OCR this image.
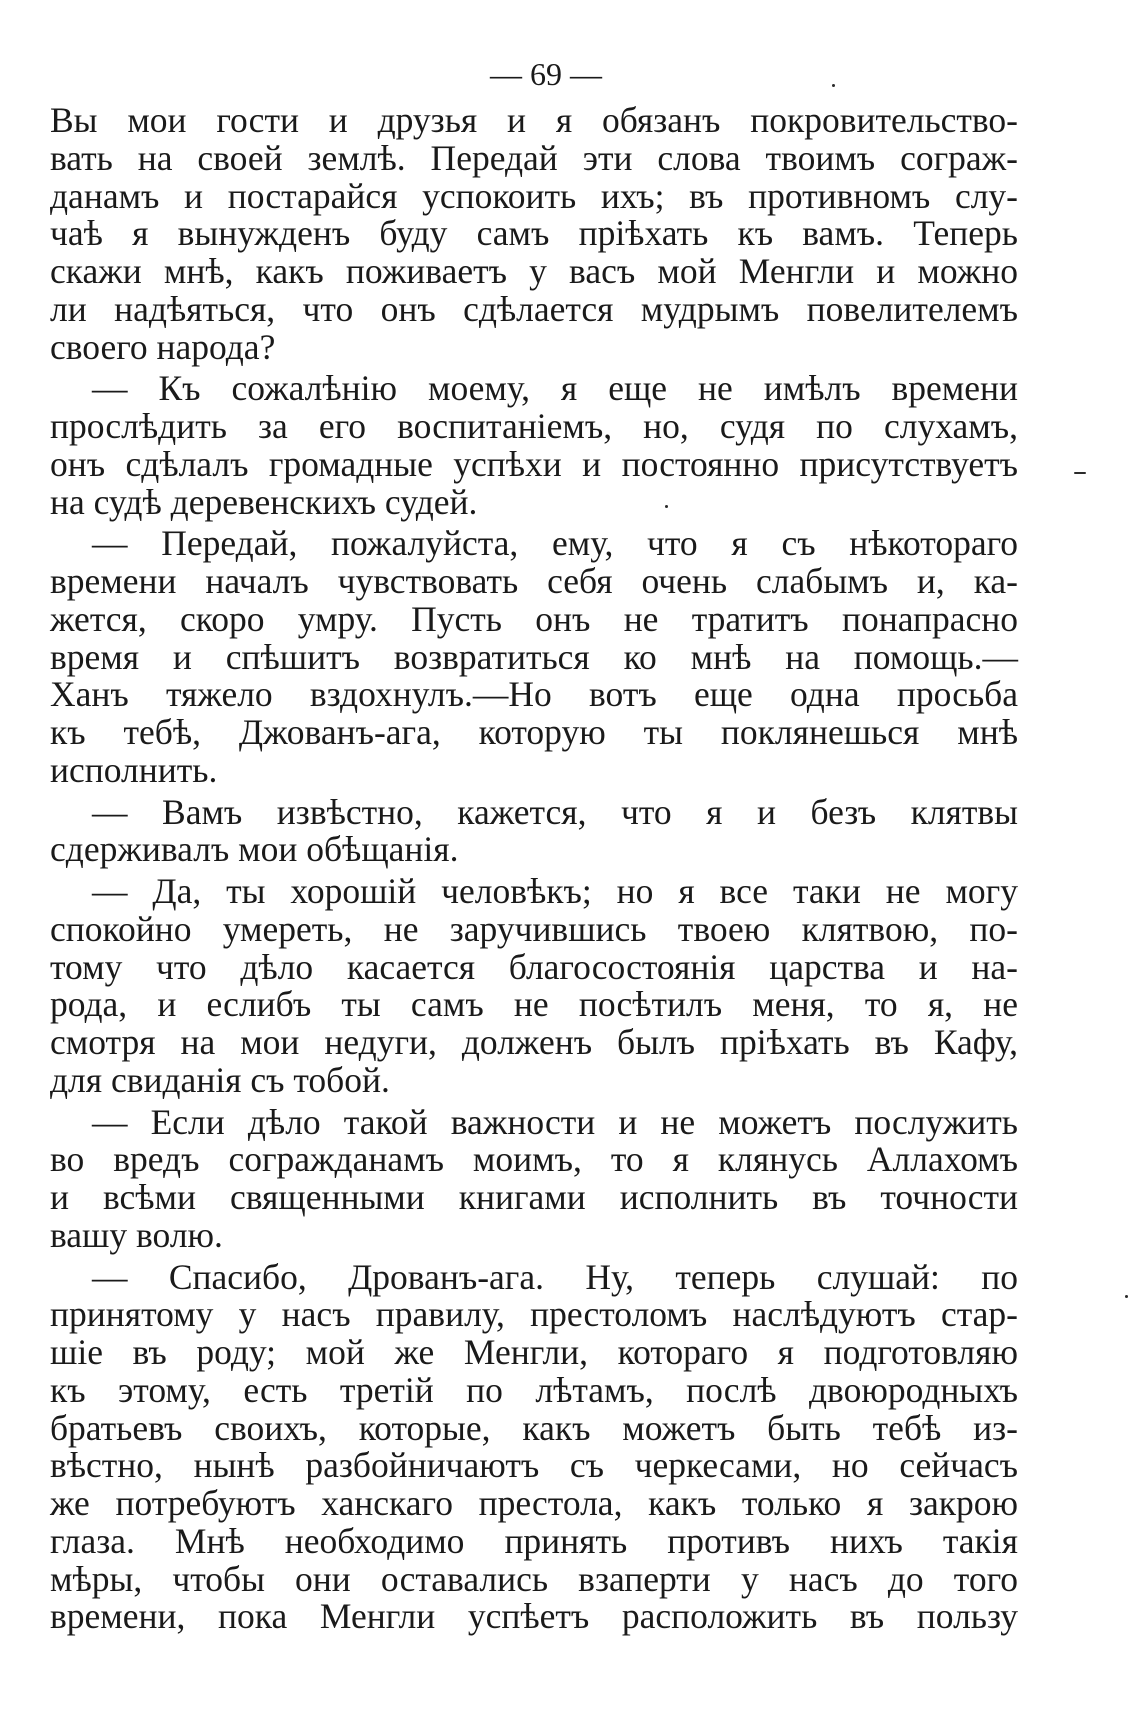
— 69 —
Вы мои гости и друзья и я обязанъ покровительство-
вать на своей землѣ. Передай эти слова твоимъ сограж-
данамъ и постарайся успокоить ихъ; въ противномъ слу-
чаѣ я вынужденъ буду самъ пріѣхать къ вамъ. Теперь
скажи мнѣ, какъ поживаетъ у васъ мой Менгли и можно
ли надѣяться, что онъ сдѣлается мудрымъ повелителемъ
своего народа?
— Къ сожалѣнію моему, я еще не имѣлъ времени
прослѣдить за его воспитаніемъ, но, судя по слухамъ,
онъ сдѣлалъ громадные успѣхи и постоянно присутствуетъ
на судѣ деревенскихъ судей.
— Передай, пожалуйста, ему, что я съ нѣкотораго
времени началъ чувствовать себя очень слабымъ и, ка-
жется, скоро умру. Пусть онъ не тратитъ понапрасно
время и спѣшитъ возвратиться ко мнѣ на помощь.—
Ханъ тяжело вздохнулъ.—Но вотъ еще одна просьба
къ тебѣ, Джованъ-ага, которую ты поклянешься мнѣ
исполнить.
— Вамъ извѣстно, кажется, что я и безъ клятвы
сдерживалъ мои обѣщанія.
— Да, ты хорошій человѣкъ; но я все таки не могу
спокойно умереть, не заручившись твоею клятвою, по-
тому что дѣло касается благосостоянія царства и на-
рода, и еслибъ ты самъ не посѣтилъ меня, то я, не
смотря на мои недуги, долженъ былъ пріѣхать въ Кафу,
для свиданія съ тобой.
— Если дѣло такой важности и не можетъ послужить
во вредъ согражданамъ моимъ, то я клянусь Аллахомъ
и всѣми священными книгами исполнить въ точности
вашу волю.
— Спасибо, Дрованъ-ага. Ну, теперь слушай: по
принятому у насъ правилу, престоломъ наслѣдуютъ стар-
шіе въ роду; мой же Менгли, котораго я подготовляю
къ этому, есть третій по лѣтамъ, послѣ двоюродныхъ
братьевъ своихъ, которые, какъ можетъ быть тебѣ из-
вѣстно, нынѣ разбойничаютъ съ черкесами, но сейчасъ
же потребуютъ ханскаго престола, какъ только я закрою
глаза. Мнѣ необходимо принять противъ нихъ такія
мѣры, чтобы они оставались взаперти у насъ до того
времени, пока Менгли успѣетъ расположить въ пользу
